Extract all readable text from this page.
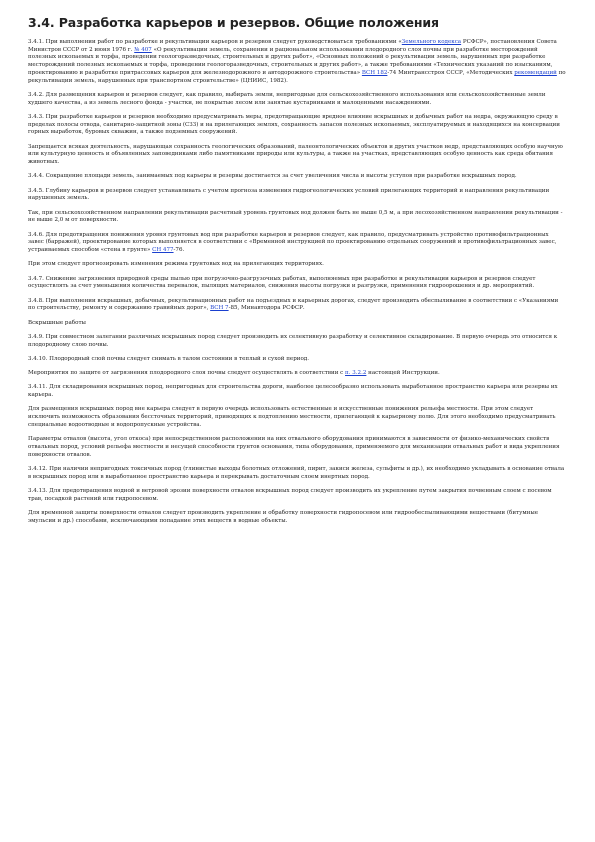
3.4. Разработка карьеров и резервов. Общие положения

3.4.1. При выполнении работ по разработке и рекультивации карьеров и резервов следует руководствоваться требованиями «Земельного кодекса РСФСР», постановления Совета Министров СССР от 2 июня 1976 г. № 407 «О рекультивации земель, сохранении и рациональном использовании плодородного слоя почвы при разработке месторождений полезных ископаемых и торфа, проведении геологоразведочных, строительных и других работ», «Основных положений о рекультивации земель, нарушенных при разработке месторождений полезных ископаемых и торфа, проведении геологоразведочных, строительных и других работ», а также требованиями «Технических указаний по изысканиям, проектированию и разработке притрассовых карьеров для железнодорожного и автодорожного строительства» ВСН 182-74 Минтрансстроя СССР, «Методических рекомендаций по рекультивации земель, нарушенных при транспортном строительстве» (ЦНИИС, 1982).

3.4.2. Для размещения карьеров и резервов следует, как правило, выбирать земли, непригодные для сельскохозяйственного использования или сельскохозяйственные земли худшего качества, а из земель лесного фонда - участки, не покрытые лесом или занятые кустарниками и малоценными насаждениями.

3.4.3. При разработке карьеров и резервов необходимо предусматривать меры, предотвращающие вредное влияние вскрышных и добычных работ на недра, окружающую среду в пределах полосы отвода, санитарно-защитной зоны (СЗЗ) и на прилегающих землях, сохранность запасов полезных ископаемых, эксплуатируемых и находящихся на консервации горных выработок, буровых скважин, а также подземных сооружений.

Запрещается всякая деятельность, нарушающая сохранность геологических образований, палеонтологических объектов и других участков недр, представляющих особую научную или культурную ценность и объявленных заповедниками либо памятниками природы или культуры, а также на участках, представляющих особую ценность как среда обитания животных.

3.4.4. Сокращение площади земель, занимаемых под карьеры и резервы достигается за счет увеличения числа и высоты уступов при разработке вскрышных пород.

3.4.5. Глубину карьеров и резервов следует устанавливать с учетом прогноза изменения гидрогеологических условий прилегающих территорий и направления рекультивации нарушенных земель.

Так, при сельскохозяйственном направлении рекультивации расчетный уровень грунтовых вод должен быть не выше 0,5 м, а при лесохозяйственном направлении рекультивации - не выше 2,0 м от поверхности.

3.4.6. Для предотвращения понижения уровня грунтовых вод при разработке карьеров и резервов следует, как правило, предусматривать устройство противофильтрационных завес (барражей), проектирование которых выполняется в соответствии с «Временной инструкцией по проектированию отдельных сооружений и противофильтрационных завес, устраиваемых способом «стена в грунте» СН 477-76.

При этом следует прогнозировать изменения режима грунтовых вод на прилегающих территориях.

3.4.7. Снижение загрязнения природной среды пылью при погрузочно-разгрузочных работах, выполняемых при разработке и рекультивации карьеров и резервов следует осуществлять за счет уменьшения количества перевалок, пылящих материалов, снижения высоты погрузки и разгрузки, применения гидроорошения и др. мероприятий.

3.4.8. При выполнении вскрышных, добычных, рекультивационных работ на подъездных и карьерных дорогах, следует производить обеспыливание в соответствии с «Указаниями по строительству, ремонту и содержанию гравийных дорог», ВСН 7-85, Минавтодора РСФСР.

Вскрышные работы

3.4.9. При совместном залегании различных вскрышных пород следует производить их селективную разработку и селективное складирование. В первую очередь это относится к плодородному слою почвы.

3.4.10. Плодородный слой почвы следует снимать в талом состоянии в теплый и сухой период.

Мероприятия по защите от загрязнения плодородного слоя почвы следует осуществлять в соответствии с п. 3.2.2 настоящей Инструкции.

3.4.11. Для складирования вскрышных пород, непригодных для строительства дороги, наиболее целесообразно использовать выработанное пространство карьера или резервы их карьера.

Для размещения вскрышных пород вне карьера следует в первую очередь использовать естественные и искусственные понижения рельефа местности. При этом следует исключить возможность образования бессточных территорий, приводящих к подтоплению местности, прилегающей к карьерному полю. Для этого необходимо предусматривать специальные водоотводные и водопропускные устройства.

Параметры отвалов (высота, угол откоса) при непосредственном расположении на них отвального оборудования принимаются в зависимости от физико-механических свойств отвальных пород, условий рельефа местности и несущей способности грунтов основания, типа оборудования, применяемого для механизации отвальных работ и вида укрепления поверхности отвалов.

3.4.12. При наличии непригодных токсичных пород (глинистые выходы болотных отложений, пирит, закиси железа, сульфиты и др.), их необходимо укладывать в основание отвала в вскрышных пород или в выработанное пространство карьера и перекрывать достаточным слоем инертных пород.

3.4.13. Для предотвращения водной и ветровой эрозии поверхности отвалов вскрышных пород следует производить их укрепление путем закрытия почвенным слоем с посевом трав, посадкой растений или гидропосевом.

Для временной защиты поверхности отвалов следует производить укрепление и обработку поверхности гидропосевом или гидрообеспыливающими веществами (битумные эмульсии и др.) способами, исключающими попадание этих веществ в водные объекты.
